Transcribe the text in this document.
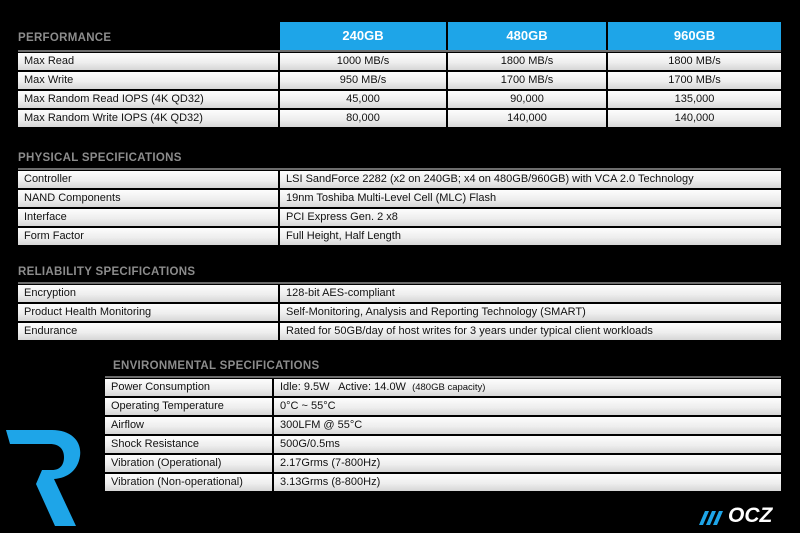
PERFORMANCE	240GB	480GB	960GB
Max Read	1000 MB/s	1800 MB/s	1800 MB/s
Max Write	950 MB/s	1700 MB/s	1700 MB/s
Max Random Read IOPS (4K QD32)	45,000	90,000	135,000
Max Random Write IOPS (4K QD32)	80,000	140,000	140,000
PHYSICAL SPECIFICATIONS
Controller	LSI SandForce 2282 (x2 on 240GB; x4 on 480GB/960GB) with VCA 2.0 Technology
NAND Components	19nm Toshiba Multi-Level Cell (MLC) Flash
Interface	PCI Express Gen. 2 x8
Form Factor	Full Height, Half Length
RELIABILITY SPECIFICATIONS
Encryption	128-bit AES-compliant
Product Health Monitoring	Self-Monitoring, Analysis and Reporting Technology (SMART)
Endurance	Rated for 50GB/day of host writes for 3 years under typical client workloads
ENVIRONMENTAL SPECIFICATIONS
Power Consumption	Idle: 9.5W   Active: 14.0W (480GB capacity)
Operating Temperature	0°C ~ 55°C
Airflow	300LFM @ 55°C
Shock Resistance	500G/0.5ms
Vibration (Operational)	2.17Grms (7-800Hz)
Vibration (Non-operational)	3.13Grms (8-800Hz)
OCZ
